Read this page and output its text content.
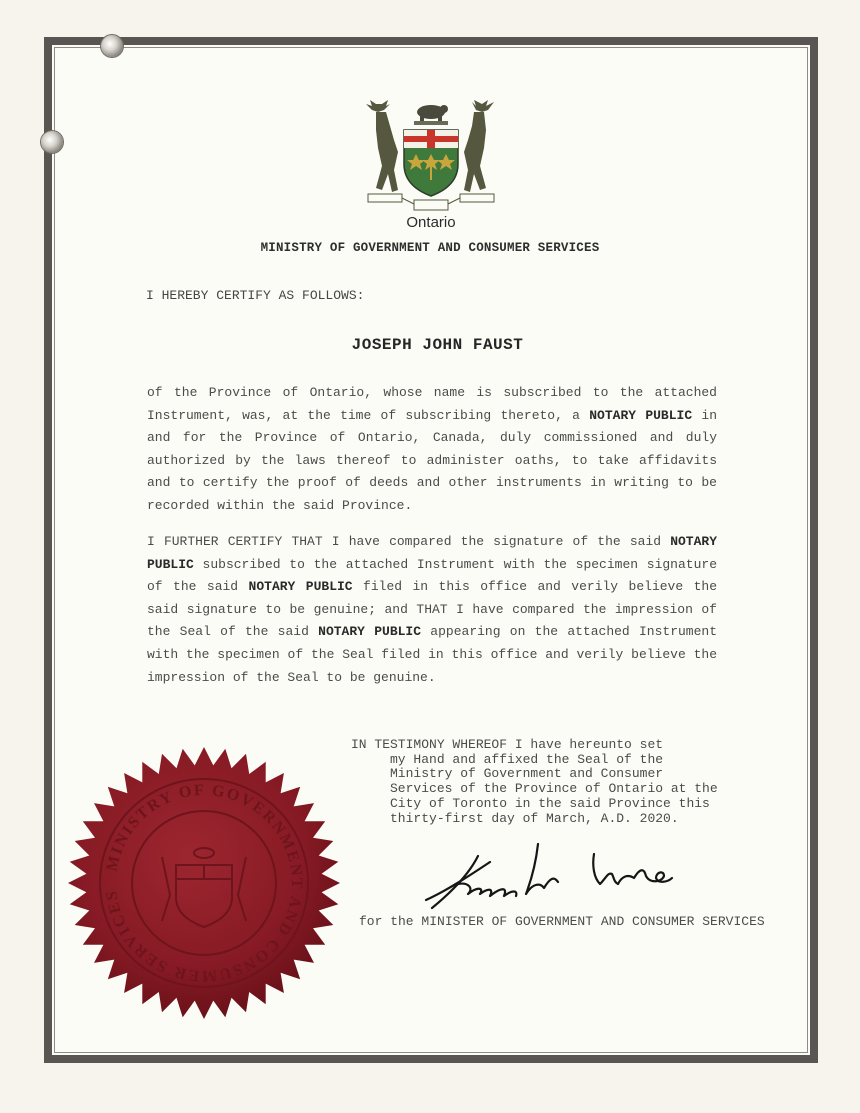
Ontario
MINISTRY OF GOVERNMENT AND CONSUMER SERVICES
I HEREBY CERTIFY AS FOLLOWS:
JOSEPH JOHN FAUST

of the Province of Ontario, whose name is subscribed to the attached Instrument, was, at the time of subscribing thereto, a NOTARY PUBLIC in and for the Province of Ontario, Canada, duly commissioned and duly authorized by the laws thereof to administer oaths, to take affidavits and to certify the proof of deeds and other instruments in writing to be recorded within the said Province.

I FURTHER CERTIFY THAT I have compared the signature of the said NOTARY PUBLIC subscribed to the attached Instrument with the specimen signature of the said NOTARY PUBLIC filed in this office and verily believe the said signature to be genuine; and THAT I have compared the impression of the Seal of the said NOTARY PUBLIC appearing on the attached Instrument with the specimen of the Seal filed in this office and verily believe the impression of the Seal to be genuine.

IN TESTIMONY WHEREOF I have hereunto set
my Hand and affixed the Seal of the
Ministry of Government and Consumer
Services of the Province of Ontario at the
City of Toronto in the said Province this
thirty-first day of March, A.D. 2020.
for the MINISTER OF GOVERNMENT AND CONSUMER SERVICES
MINISTRY OF GOVERNMENT AND CONSUMER SERVICES
